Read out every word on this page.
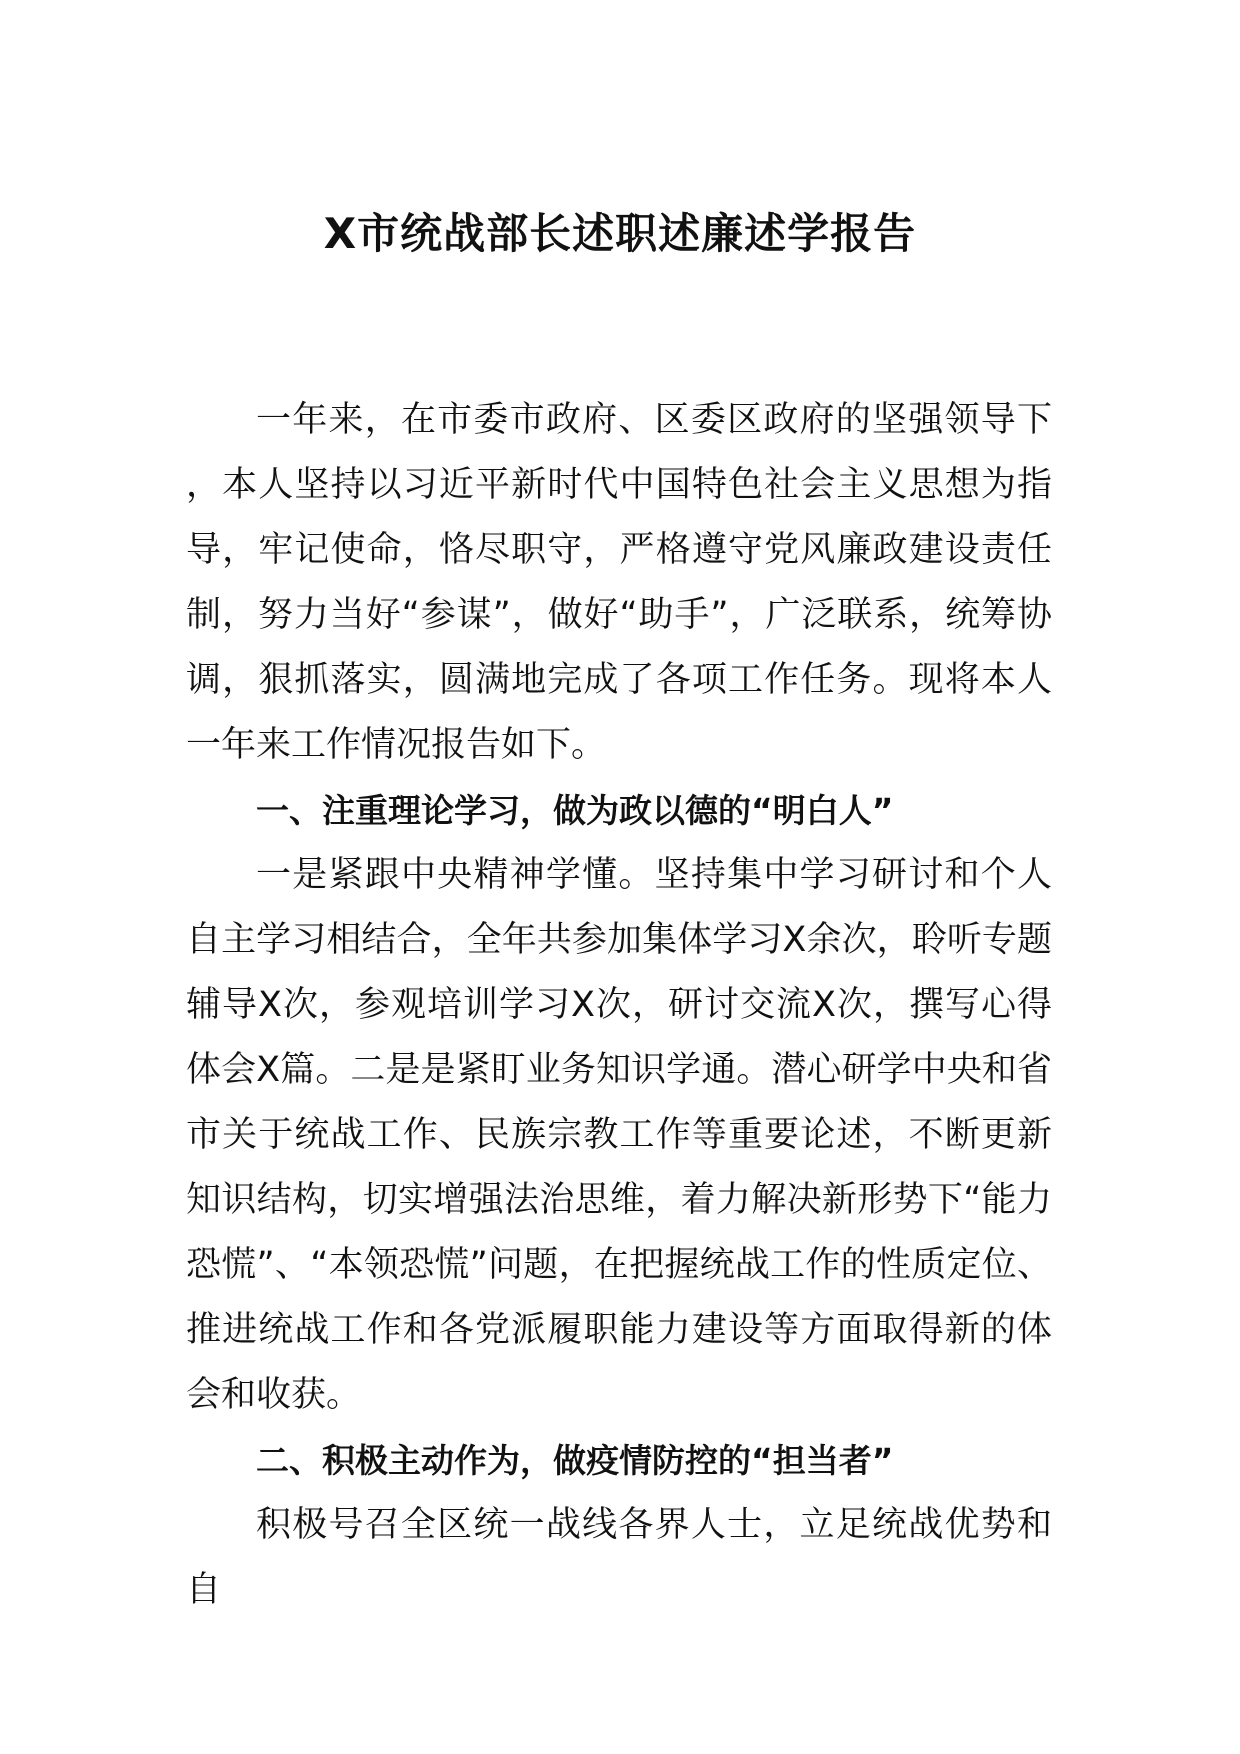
X市统战部长述职述廉述学报告

一年来，在市委市政府、区委区政府的坚强领导下，本人坚持以习近平新时代中国特色社会主义思想为指导，牢记使命，恪尽职守，严格遵守党风廉政建设责任制，努力当好“参谋”，做好“助手”，广泛联系，统筹协调，狠抓落实，圆满地完成了各项工作任务。现将本人一年来工作情况报告如下。

一、注重理论学习，做为政以德的“明白人”

一是紧跟中央精神学懂。坚持集中学习研讨和个人自主学习相结合，全年共参加集体学习X余次，聆听专题辅导X次，参观培训学习X次，研讨交流X次，撰写心得体会X篇。二是是紧盯业务知识学通。潜心研学中央和省市关于统战工作、民族宗教工作等重要论述，不断更新知识结构，切实增强法治思维，着力解决新形势下“能力恐慌”、“本领恐慌”问题，在把握统战工作的性质定位、推进统战工作和各党派履职能力建设等方面取得新的体会和收获。

二、积极主动作为，做疫情防控的“担当者”

积极号召全区统一战线各界人士，立足统战优势和自
